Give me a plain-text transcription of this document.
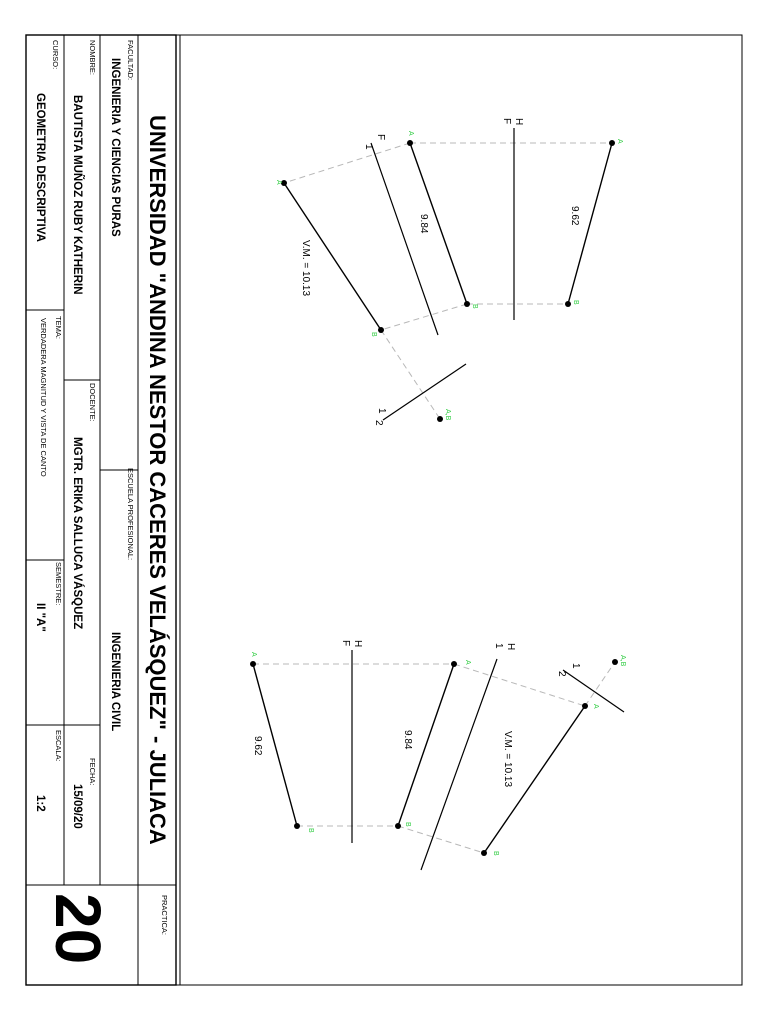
UNIVERSIDAD "ANDINA NESTOR CACERES VELÁSQUEZ" - JULIACA
FACULTAD:
INGENIERIA Y CIENCIAS PURAS
ESCUELA PROFESIONAL:
INGENIERIA CIVIL
PRACTICA:
20
NOMBRE:
BAUTISTA MUÑOZ RUBY KATHERIN
DOCENTE:
MGTR. ERIKA SALLUCA VÁSQUEZ
FECHA:
15/09/20
CURSO:
GEOMETRIA DESCRIPTIVA
TEMA:
VERDADERA MAGNITUD Y VISTA DE CANTO
SEMESTRE:
II "A"
ESCALA:
1:2
H
F
F
1
1
2
9.62
9.84
V.M. = 10.13
A
B
A
B
A
B
A,B
H
F	H
1
1
2
9.62	9.84	V.M. = 10.13
A
B
A
B
A
B
A,B
